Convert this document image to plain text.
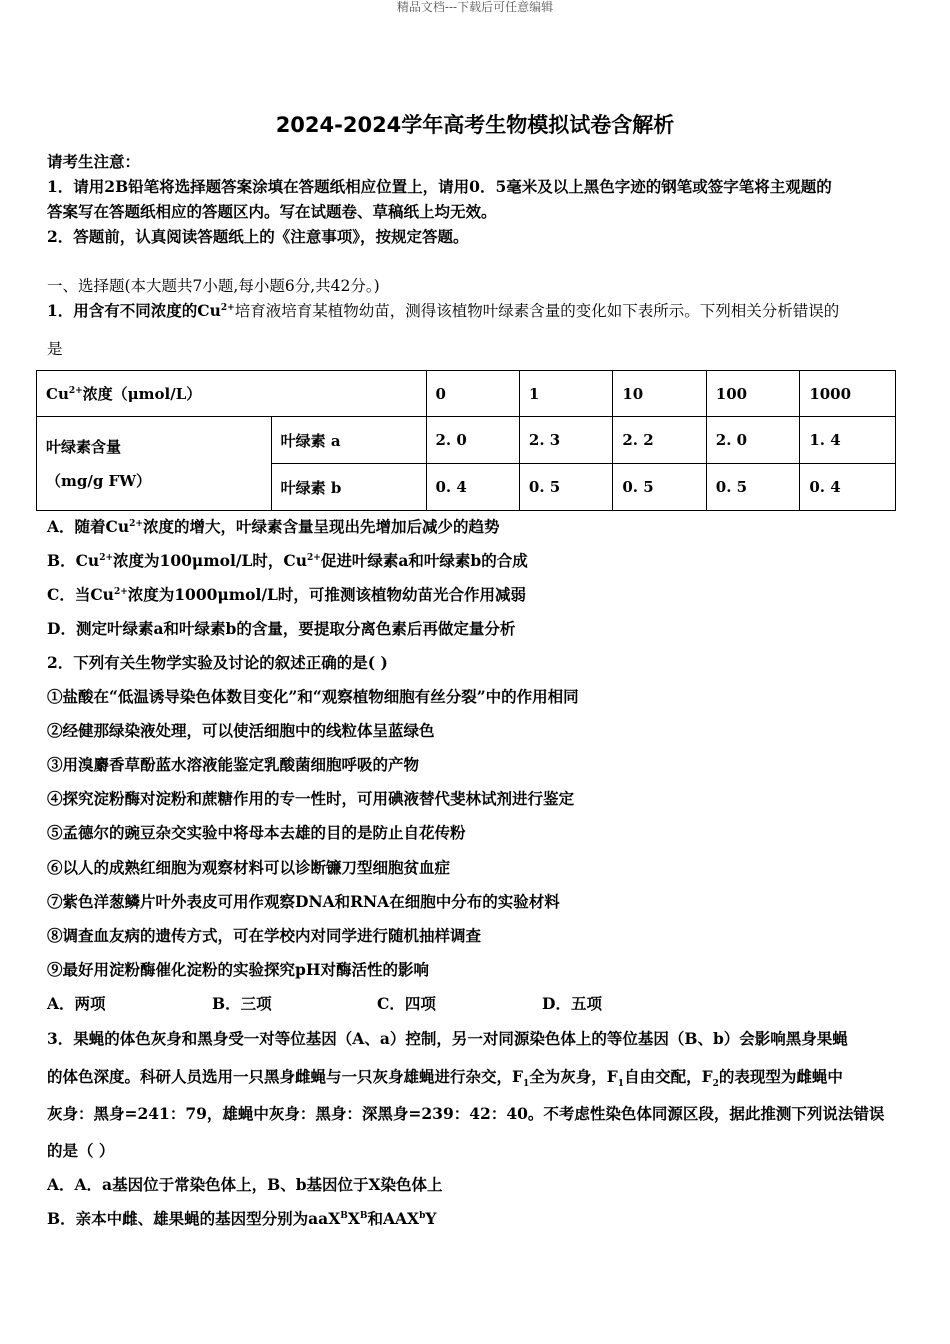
精品文档---下载后可任意编辑
2024-2024学年高考生物模拟试卷含解析
请考生注意：
1．请用2B铅笔将选择题答案涂填在答题纸相应位置上，请用0．5毫米及以上黑色字迹的钢笔或签字笔将主观题的
答案写在答题纸相应的答题区内。写在试题卷、草稿纸上均无效。
2．答题前，认真阅读答题纸上的《注意事项》，按规定答题。
一、选择题(本大题共7小题,每小题6分,共42分。)
1．用含有不同浓度的$Cu^{2+}$培育液培育某植物幼苗，测得该植物叶绿素含量的变化如下表所示。下列相关分析错误的
是
$Cu^{2+}$浓度（μmol/L）		0	1	10	100	1000

叶绿素含量
（mg/g FW）	叶绿素 a	2. 0	2. 3	2. 2	2. 0	1. 4
	叶绿素 b	0. 4	0. 5	0. 5	0. 5	0. 4
A．随着$Cu^{2+}$浓度的增大，叶绿素含量呈现出先增加后减少的趋势
B．$Cu^{2+}$浓度为100μmol/L时，$Cu^{2+}$促进叶绿素a和叶绿素b的合成
C．当$Cu^{2+}$浓度为1000μmol/L时，可推测该植物幼苗光合作用减弱
D．测定叶绿素a和叶绿素b的含量，要提取分离色素后再做定量分析
2．下列有关生物学实验及讨论的叙述正确的是( )
①盐酸在“低温诱导染色体数目变化”和“观察植物细胞有丝分裂”中的作用相同
②经健那绿染液处理，可以使活细胞中的线粒体呈蓝绿色
③用溴麝香草酚蓝水溶液能鉴定乳酸菌细胞呼吸的产物
④探究淀粉酶对淀粉和蔗糖作用的专一性时，可用碘液替代斐林试剂进行鉴定
⑤孟德尔的豌豆杂交实验中将母本去雄的目的是防止自花传粉
⑥以人的成熟红细胞为观察材料可以诊断镰刀型细胞贫血症
⑦紫色洋葱鳞片叶外表皮可用作观察DNA和RNA在细胞中分布的实验材料
⑧调查血友病的遗传方式，可在学校内对同学进行随机抽样调查
⑨最好用淀粉酶催化淀粉的实验探究pH对酶活性的影响
A．两项	B．三项	C．四项	D．五项
3．果蝇的体色灰身和黑身受一对等位基因（A、a）控制，另一对同源染色体上的等位基因（B、b）会影响黑身果蝇
的体色深度。科研人员选用一只黑身雌蝇与一只灰身雄蝇进行杂交，$F_1$全为灰身，$F_1$自由交配，$F_2$的表现型为雌蝇中
灰身：黑身=241：79，雄蝇中灰身：黑身：深黑身=239：42：40。不考虑性染色体同源区段，据此推测下列说法错误
的是（ ）
A．A．a基因位于常染色体上，B、b基因位于X染色体上
B．亲本中雌、雄果蝇的基因型分别为$aaX^BX^B$和AAX$^b$Y
